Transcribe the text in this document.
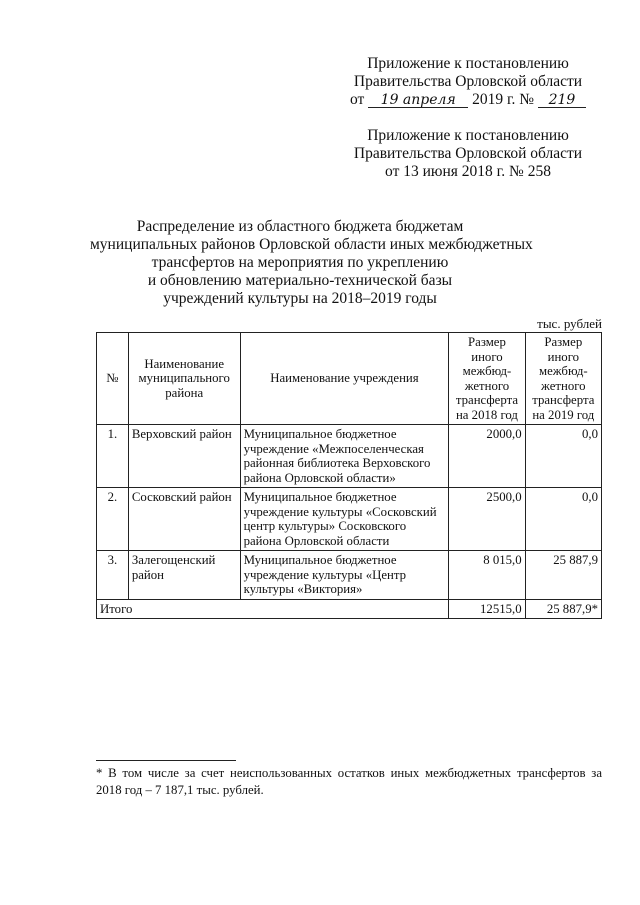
Приложение к постановлению
Правительства Орловской области
от 19 апреля 2019 г. № 219
Приложение к постановлению
Правительства Орловской области
от 13 июня 2018 г. № 258
Распределение из областного бюджета бюджетам
муниципальных районов Орловской области иных межбюджетных
трансфертов на мероприятия по укреплению
и обновлению материально-технической базы
учреждений культуры на 2018–2019 годы
тыс. рублей
№	Наименование муниципального района	Наименование учреждения	Размер иного межбюд-жетного трансферта на 2018 год	Размер иного межбюд-жетного трансферта на 2019 год
1.	Верховский район	Муниципальное бюджетное учреждение «Межпоселенческая районная библиотека Верховского района Орловской области»	2000,0	0,0
2.	Сосковский район	Муниципальное бюджетное учреждение культуры «Сосковский центр культуры» Сосковского района Орловской области	2500,0	0,0
3.	Залегощенский район	Муниципальное бюджетное учреждение культуры «Центр культуры «Виктория»	8 015,0	25 887,9
Итого			12515,0	25 887,9*
* В том числе за счет неиспользованных остатков иных межбюджетных трансфертов за 2018 год – 7 187,1 тыс. рублей.
